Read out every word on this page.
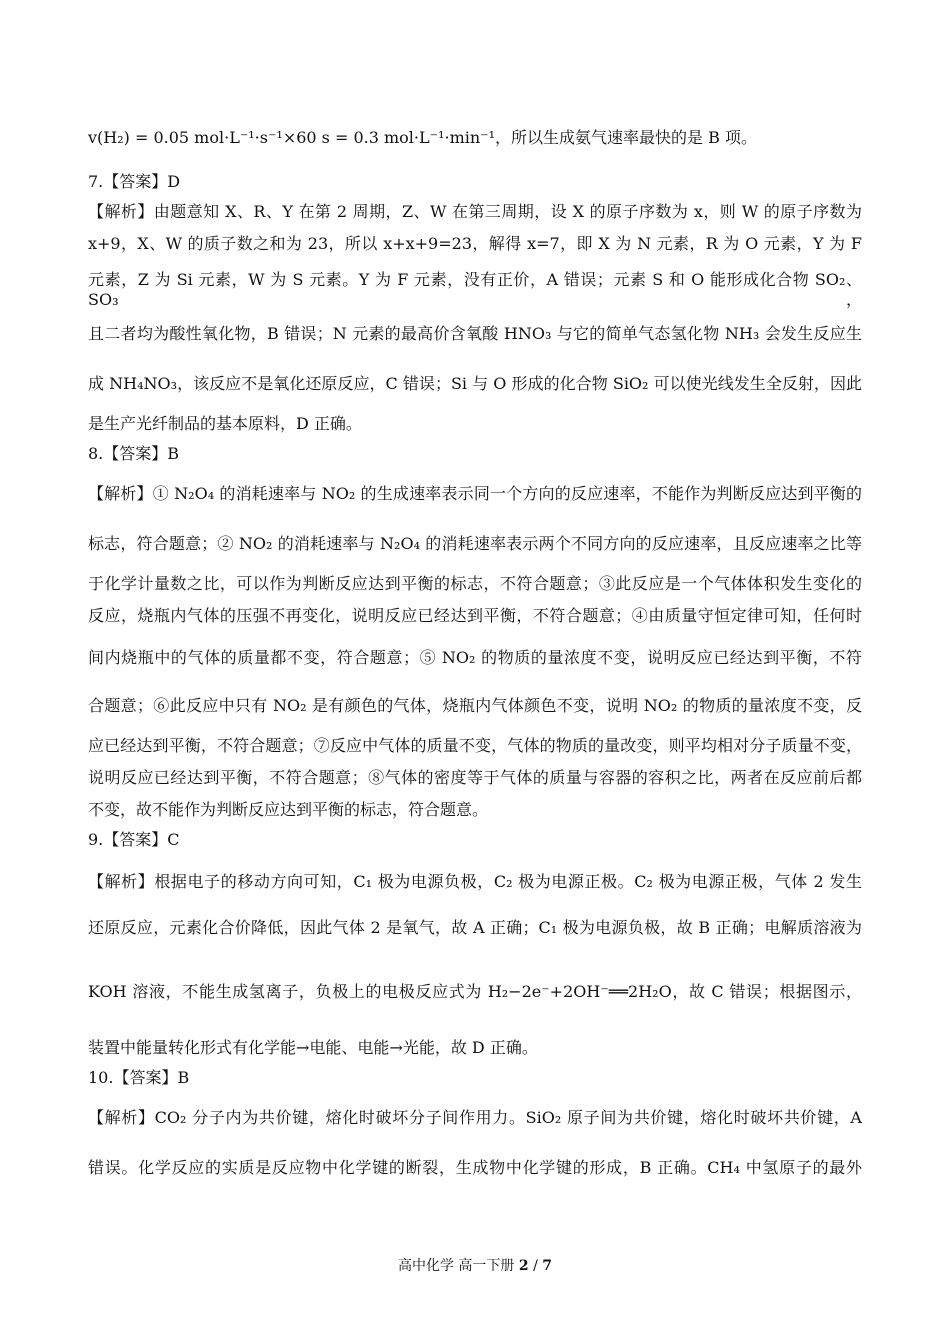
v(H₂) = 0.05 mol·L⁻¹·s⁻¹×60 s = 0.3 mol·L⁻¹·min⁻¹，所以生成氨气速率最快的是 B 项。
7.【答案】D
【解析】由题意知 X、R、Y 在第 2 周期，Z、W 在第三周期，设 X 的原子序数为 x，则 W 的原子序数为
x+9，X、W 的质子数之和为 23，所以 x+x+9=23，解得 x=7，即 X 为 N 元素，R 为 O 元素，Y 为 F
元素，Z 为 Si 元素，W 为 S 元素。Y 为 F 元素，没有正价，A 错误；元素 S 和 O 能形成化合物 SO₂、SO₃，
且二者均为酸性氧化物，B 错误；N 元素的最高价含氧酸 HNO₃ 与它的简单气态氢化物 NH₃ 会发生反应生
成 NH₄NO₃，该反应不是氧化还原反应，C 错误；Si 与 O 形成的化合物 SiO₂ 可以使光线发生全反射，因此
是生产光纤制品的基本原料，D 正确。
8.【答案】B
【解析】① N₂O₄ 的消耗速率与 NO₂ 的生成速率表示同一个方向的反应速率，不能作为判断反应达到平衡的
标志，符合题意；② NO₂ 的消耗速率与 N₂O₄ 的消耗速率表示两个不同方向的反应速率，且反应速率之比等
于化学计量数之比，可以作为判断反应达到平衡的标志，不符合题意；③此反应是一个气体体积发生变化的
反应，烧瓶内气体的压强不再变化，说明反应已经达到平衡，不符合题意；④由质量守恒定律可知，任何时
间内烧瓶中的气体的质量都不变，符合题意；⑤ NO₂ 的物质的量浓度不变，说明反应已经达到平衡，不符
合题意；⑥此反应中只有 NO₂ 是有颜色的气体，烧瓶内气体颜色不变，说明 NO₂ 的物质的量浓度不变，反
应已经达到平衡，不符合题意；⑦反应中气体的质量不变，气体的物质的量改变，则平均相对分子质量不变，
说明反应已经达到平衡，不符合题意；⑧气体的密度等于气体的质量与容器的容积之比，两者在反应前后都
不变，故不能作为判断反应达到平衡的标志，符合题意。
9.【答案】C
【解析】根据电子的移动方向可知，C₁ 极为电源负极，C₂ 极为电源正极。C₂ 极为电源正极，气体 2 发生
还原反应，元素化合价降低，因此气体 2 是氧气，故 A 正确；C₁ 极为电源负极，故 B 正确；电解质溶液为
KOH 溶液，不能生成氢离子，负极上的电极反应式为 H₂−2e⁻+2OH⁻══2H₂O，故 C 错误；根据图示，
装置中能量转化形式有化学能→电能、电能→光能，故 D 正确。
10.【答案】B
【解析】CO₂ 分子内为共价键，熔化时破坏分子间作用力。SiO₂ 原子间为共价键，熔化时破坏共价键，A
错误。化学反应的实质是反应物中化学键的断裂，生成物中化学键的形成，B 正确。CH₄ 中氢原子的最外
高中化学 高一下册 2 / 7
